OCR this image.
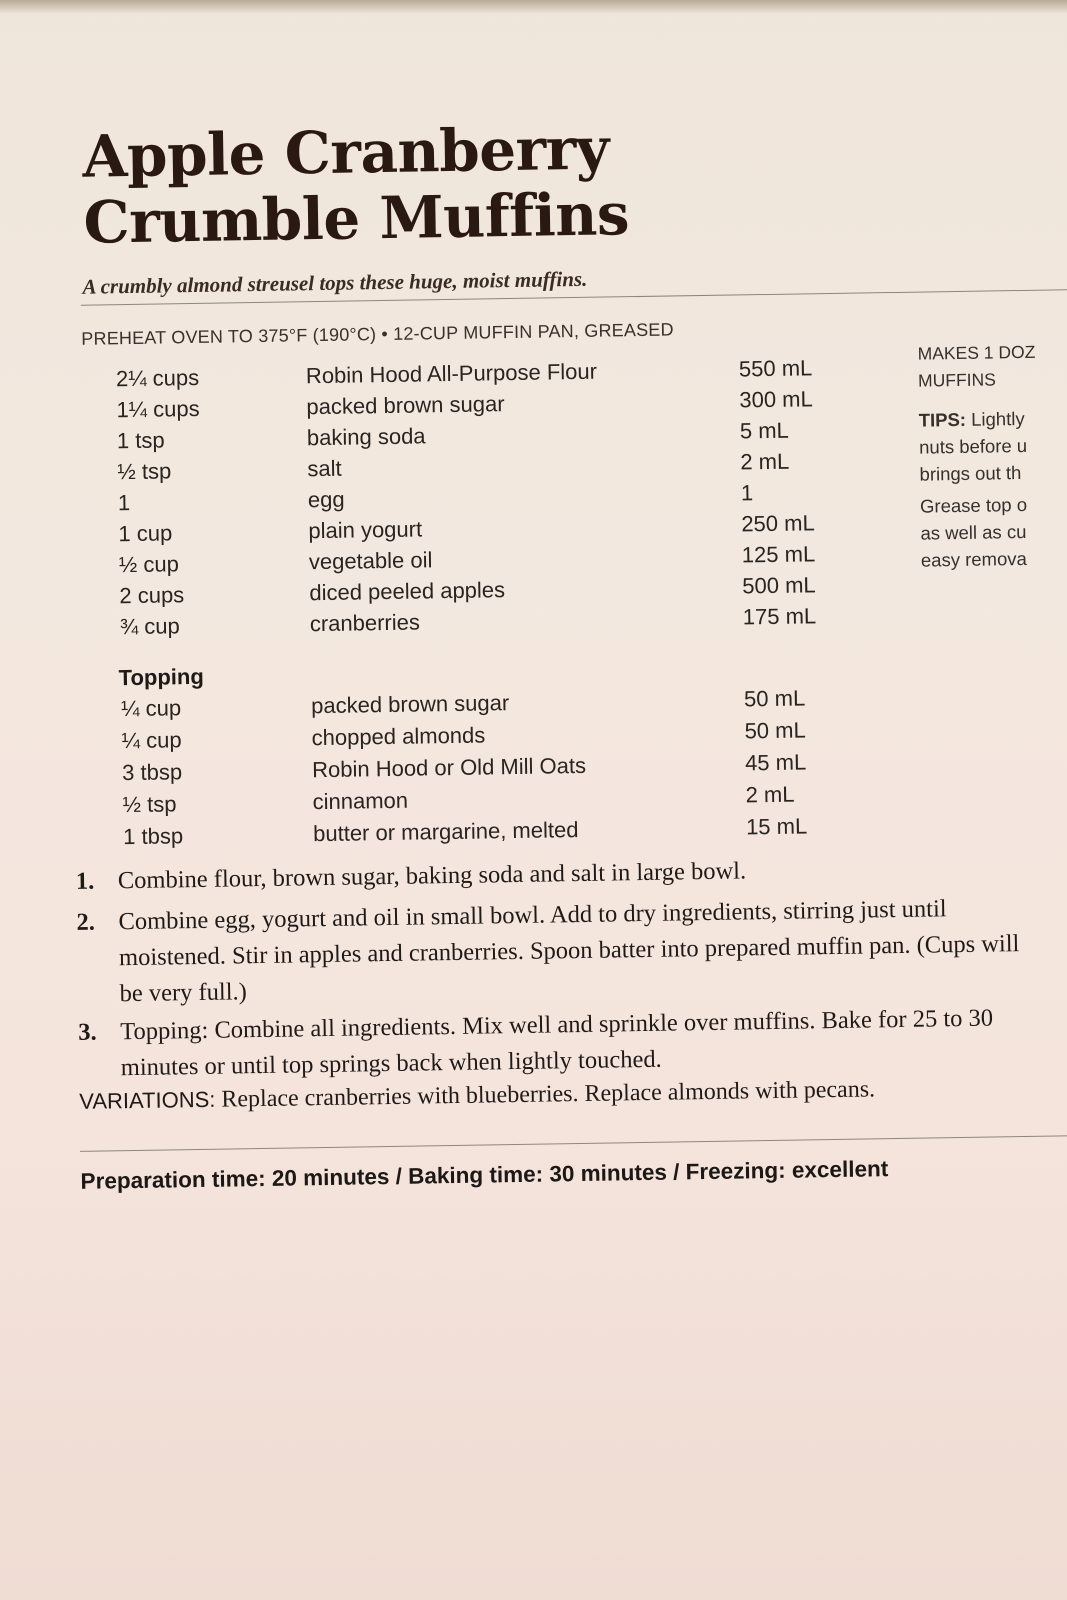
Apple Cranberry
Crumble Muffins
A crumbly almond streusel tops these huge, moist muffins.
PREHEAT OVEN TO 375°F (190°C) • 12-CUP MUFFIN PAN, GREASED
2¼ cups	Robin Hood All-Purpose Flour	550 mL
1¼ cups	packed brown sugar	300 mL
1 tsp	baking soda	5 mL
½ tsp	salt	2 mL
1	egg	1
1 cup	plain yogurt	250 mL
½ cup	vegetable oil	125 mL
2 cups	diced peeled apples	500 mL
¾ cup	cranberries	175 mL
Topping
¼ cup	packed brown sugar	50 mL
¼ cup	chopped almonds	50 mL
3 tbsp	Robin Hood or Old Mill Oats	45 mL
½ tsp	cinnamon	2 mL
1 tbsp	butter or margarine, melted	15 mL
MAKES 1 DOZ
MUFFINS
TIPS: Lightly
nuts before u
brings out th
Grease top o
as well as cu
easy remova
1. Combine flour, brown sugar, baking soda and salt in large bowl.
2. Combine egg, yogurt and oil in small bowl. Add to dry ingredients, stirring just until moistened. Stir in apples and cranberries. Spoon batter into prepared muffin pan. (Cups will be very full.)
3. Topping: Combine all ingredients. Mix well and sprinkle over muffins. Bake for 25 to 30 minutes or until top springs back when lightly touched.
VARIATIONS: Replace cranberries with blueberries. Replace almonds with pecans.
Preparation time: 20 minutes / Baking time: 30 minutes / Freezing: excellent
